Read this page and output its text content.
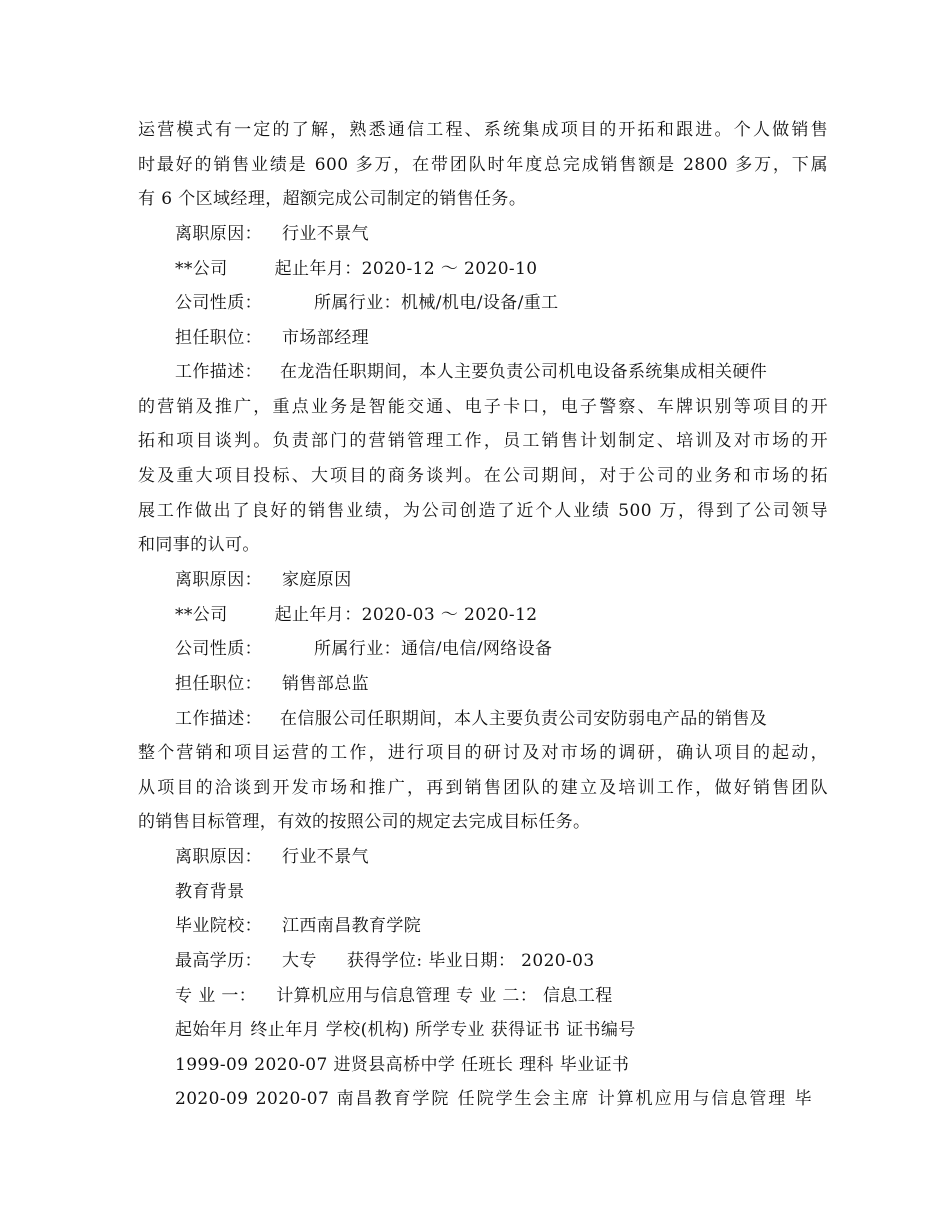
运营模式有一定的了解，熟悉通信工程、系统集成项目的开拓和跟进。个人做销售
时最好的销售业绩是 600 多万，在带团队时年度总完成销售额是 2800 多万，下属
有 6 个区域经理，超额完成公司制定的销售任务。
离职原因： 行业不景气
**公司	起止年月：2020-12 ～ 2020-10
公司性质：	所属行业：机械/机电/设备/重工
担任职位： 市场部经理
工作描述： 在龙浩任职期间，本人主要负责公司机电设备系统集成相关硬件
的营销及推广，重点业务是智能交通、电子卡口，电子警察、车牌识别等项目的开
拓和项目谈判。负责部门的营销管理工作，员工销售计划制定、培训及对市场的开
发及重大项目投标、大项目的商务谈判。在公司期间，对于公司的业务和市场的拓
展工作做出了良好的销售业绩，为公司创造了近个人业绩 500 万，得到了公司领导
和同事的认可。
离职原因： 家庭原因
**公司	起止年月：2020-03 ～ 2020-12
公司性质：	所属行业：通信/电信/网络设备
担任职位： 销售部总监
工作描述： 在信服公司任职期间，本人主要负责公司安防弱电产品的销售及
整个营销和项目运营的工作，进行项目的研讨及对市场的调研，确认项目的起动，
从项目的洽谈到开发市场和推广，再到销售团队的建立及培训工作，做好销售团队
的销售目标管理，有效的按照公司的规定去完成目标任务。
离职原因： 行业不景气
教育背景
毕业院校： 江西南昌教育学院
最高学历： 大专 获得学位: 毕业日期： 2020-03
专 业 一： 计算机应用与信息管理 专 业 二： 信息工程
起始年月 终止年月 学校(机构) 所学专业 获得证书 证书编号
1999-09 2020-07 进贤县高桥中学 任班长 理科 毕业证书
2020-09 2020-07 南昌教育学院 任院学生会主席 计算机应用与信息管理 毕
